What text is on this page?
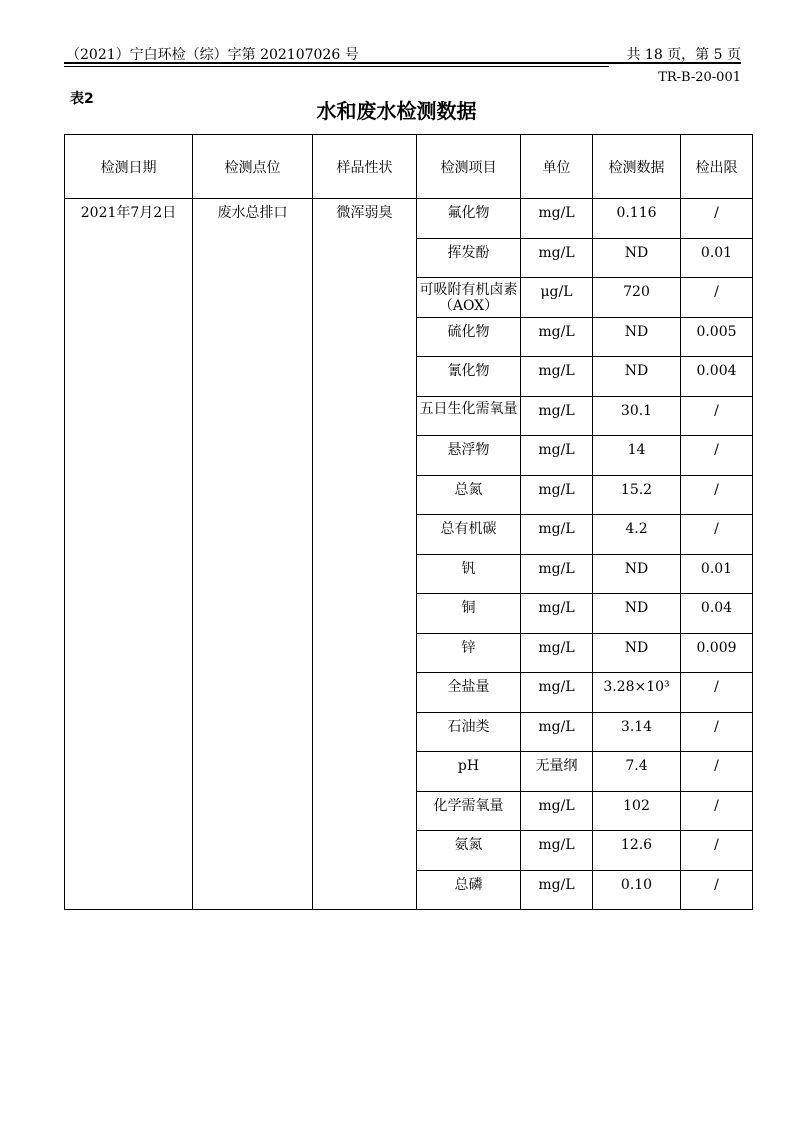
（2021）宁白环检（综）字第 202107026 号	共 18 页，第 5 页
TR-B-20-001
表2	水和废水检测数据
检测日期	检测点位	样品性状	检测项目	单位	检测数据	检出限
2021年7月2日	废水总排口	微浑弱臭	氟化物	mg/L	0.116	/
			挥发酚	mg/L	ND	0.01
			可吸附有机卤素（AOX）	μg/L	720	/
			硫化物	mg/L	ND	0.005
			氰化物	mg/L	ND	0.004
			五日生化需氧量	mg/L	30.1	/
			悬浮物	mg/L	14	/
			总氮	mg/L	15.2	/
			总有机碳	mg/L	4.2	/
			钒	mg/L	ND	0.01
			铜	mg/L	ND	0.04
			锌	mg/L	ND	0.009
			全盐量	mg/L	3.28×10³	/
			石油类	mg/L	3.14	/
			pH	无量纲	7.4	/
			化学需氧量	mg/L	102	/
			氨氮	mg/L	12.6	/
			总磷	mg/L	0.10	/
